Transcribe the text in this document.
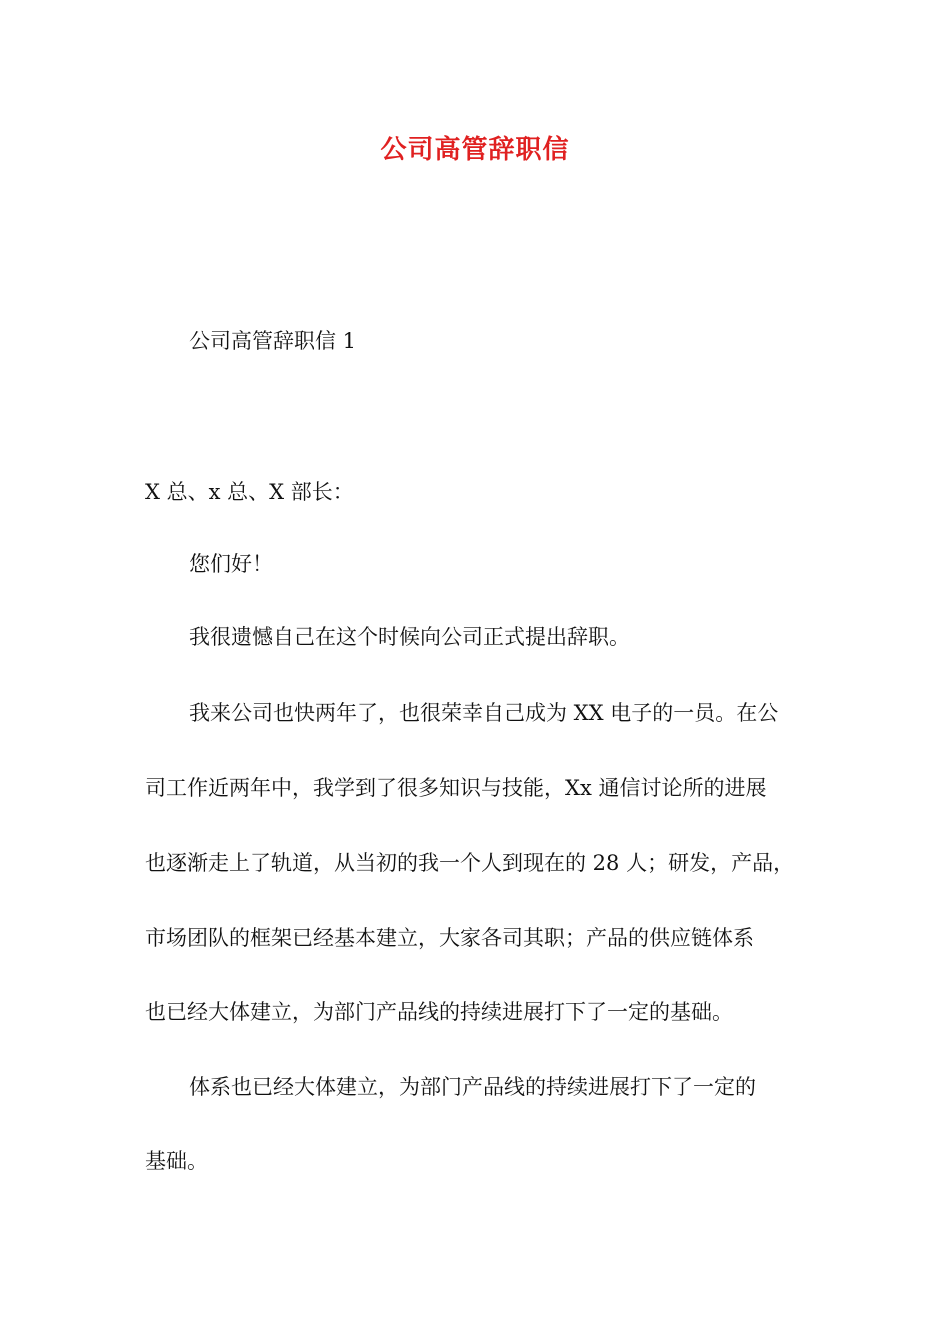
公司高管辞职信

公司高管辞职信 1

X 总、x 总、X 部长：

您们好！

我很遗憾自己在这个时候向公司正式提出辞职。

我来公司也快两年了，也很荣幸自己成为 XX 电子的一员。在公

司工作近两年中，我学到了很多知识与技能，Xx 通信讨论所的进展

也逐渐走上了轨道，从当初的我一个人到现在的 28 人；研发，产品，

市场团队的框架已经基本建立，大家各司其职；产品的供应链体系

也已经大体建立，为部门产品线的持续进展打下了一定的基础。

体系也已经大体建立，为部门产品线的持续进展打下了一定的

基础。
